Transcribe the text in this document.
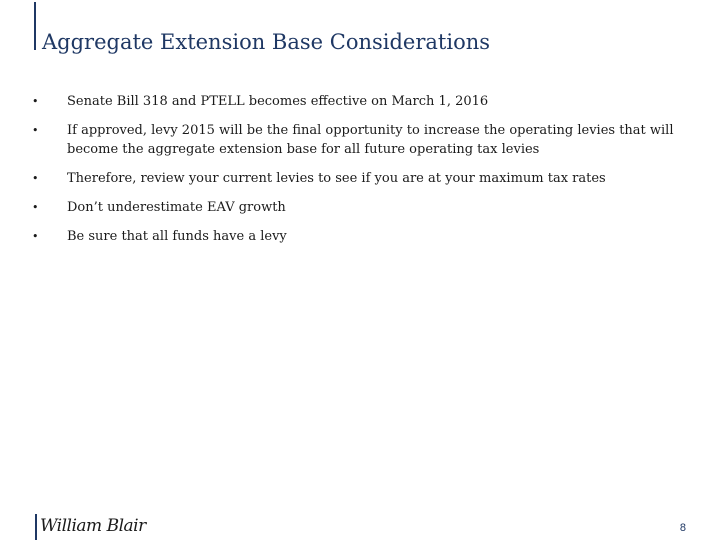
Aggregate Extension Base Considerations
• Senate Bill 318 and PTELL becomes effective on March 1, 2016
• If approved, levy 2015 will be the final opportunity to increase the operating levies that will become the aggregate extension base for all future operating tax levies
• Therefore, review your current levies to see if you are at your maximum tax rates
• Don’t underestimate EAV growth
• Be sure that all funds have a levy
William Blair	8
